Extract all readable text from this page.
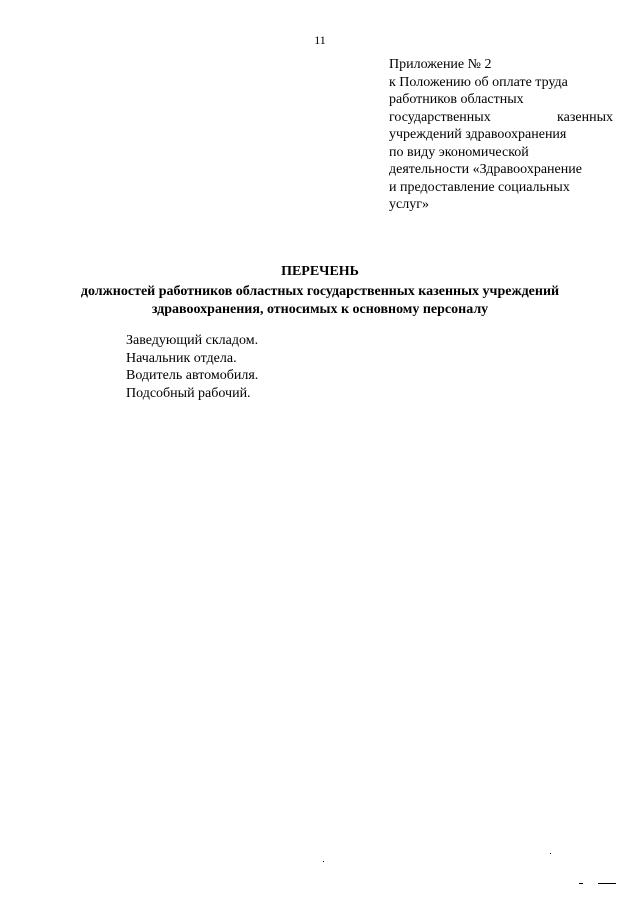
11
Приложение № 2
к Положению об оплате труда
работников областных
государственных	казенных
учреждений здравоохранения
по виду экономической
деятельности «Здравоохранение
и предоставление социальных
услуг»
ПЕРЕЧЕНЬ
должностей работников областных государственных казенных учреждений
здравоохранения, относимых к основному персоналу
Заведующий складом.
Начальник отдела.
Водитель автомобиля.
Подсобный рабочий.
